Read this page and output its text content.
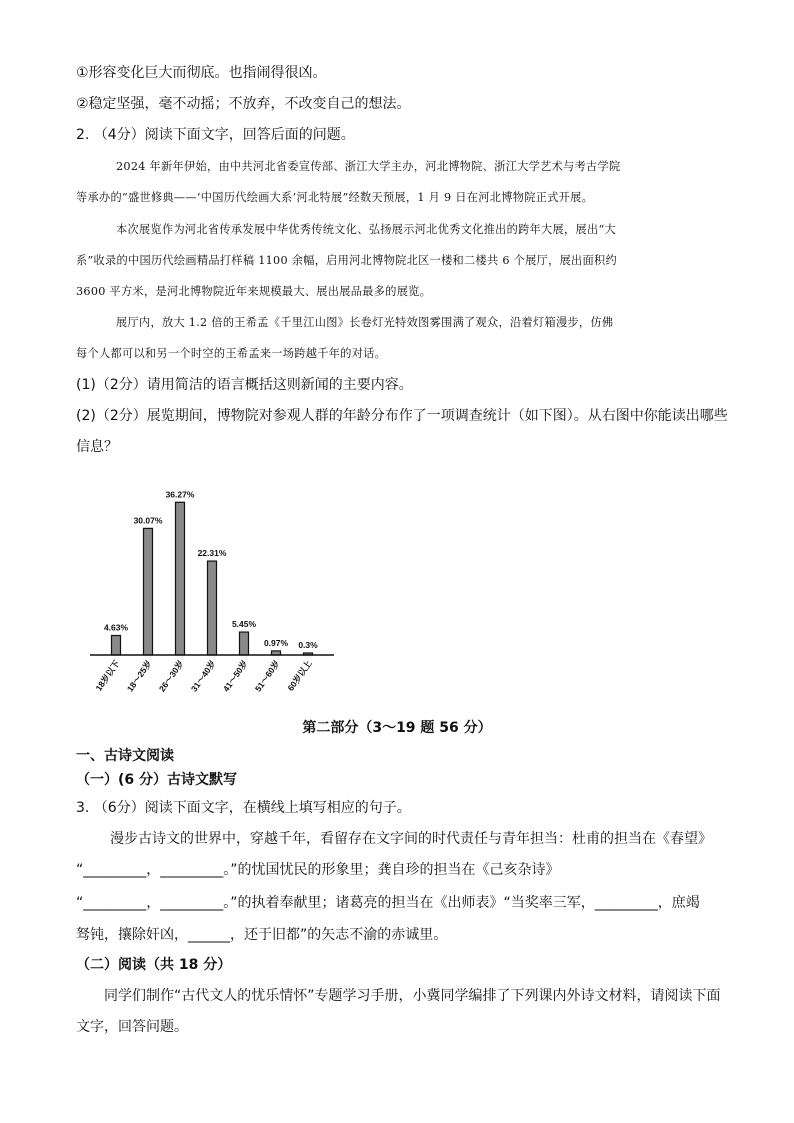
①形容变化巨大而彻底。也指闹得很凶。
②稳定坚强，毫不动摇；不放弃，不改变自己的想法。
2. （4分）阅读下面文字，回答后面的问题。
2024 年新年伊始，由中共河北省委宣传部、浙江大学主办，河北博物院、浙江大学艺术与考古学院
等承办的“盛世修典——‘中国历代绘画大系’河北特展”经数天预展，1 月 9 日在河北博物院正式开展。
本次展览作为河北省传承发展中华优秀传统文化、弘扬展示河北优秀文化推出的跨年大展，展出“大
系”收录的中国历代绘画精品打样稿 1100 余幅，启用河北博物院北区一楼和二楼共 6 个展厅，展出面积约
3600 平方米，是河北博物院近年来规模最大、展出展品最多的展览。
展厅内，放大 1.2 倍的王希孟《千里江山图》长卷灯光特效图雾围满了观众，沿着灯箱漫步，仿佛
每个人都可以和另一个时空的王希孟来一场跨越千年的对话。
(1)（2分）请用简洁的语言概括这则新闻的主要内容。
(2)（2分）展览期间，博物院对参观人群的年龄分布作了一项调查统计（如下图）。从右图中你能读出哪些
信息？
4.63%
30.07%
36.27%
22.31%
5.45%
0.97% 0.3%
18岁以下 18～25岁 26～30岁 31～40岁 41～50岁 51～60岁 60岁以上
第二部分（3～19 题 56 分）
一、古诗文阅读
（一）(6 分）古诗文默写
3. （6分）阅读下面文字，在横线上填写相应的句子。
漫步古诗文的世界中，穿越千年，看留存在文字间的时代责任与青年担当：杜甫的担当在《春望》
“_________，_________。”的忧国忧民的形象里；龚自珍的担当在《己亥杂诗》
“_________，_________。”的执着奉献里；诸葛亮的担当在《出师表》“当奖率三军，_________，庶竭
驽钝，攘除奸凶，______，还于旧都”的矢志不渝的赤诚里。
（二）阅读（共 18 分）
同学们制作“古代文人的忧乐情怀”专题学习手册，小冀同学编排了下列课内外诗文材料，请阅读下面
文字，回答问题。
